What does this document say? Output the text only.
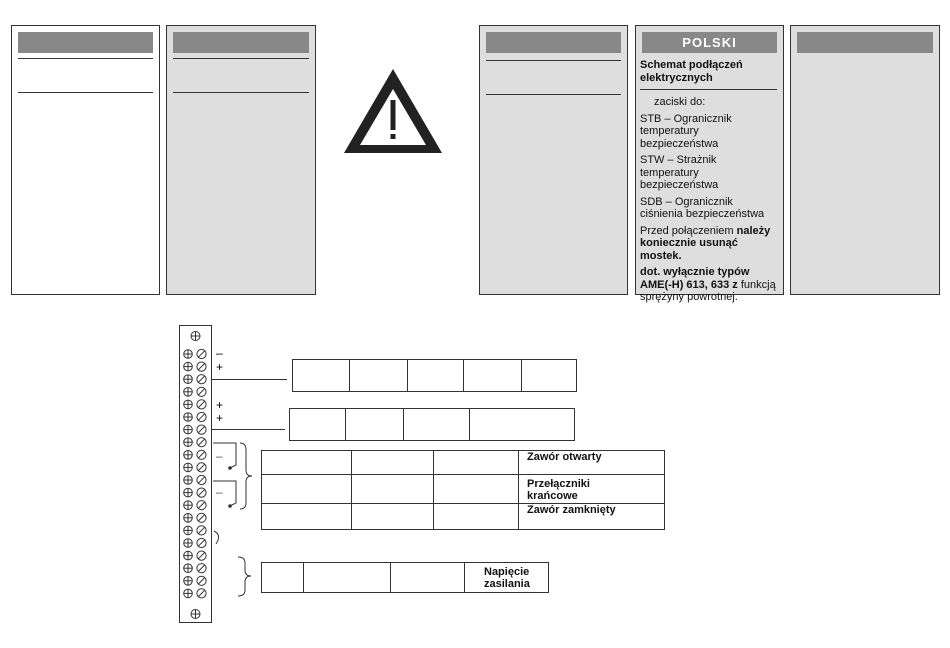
POLSKI

Schemat podłączeń elektrycznych

zaciski do:

STB – Ogranicznik temperatury bezpieczeństwa

STW – Strażnik temperatury bezpieczeństwa

SDB – Ogranicznik ciśnienia bezpieczeństwa

Przed połączeniem należy koniecznie usunąć mostek.

dot. wyłącznie typów AME(-H) 613, 633 z funkcją sprężyny powrotnej.

–
+
+
+
–
–
Zawór otwarty
Przełączniki krańcowe
Zawór zamknięty
Napięcie zasilania
